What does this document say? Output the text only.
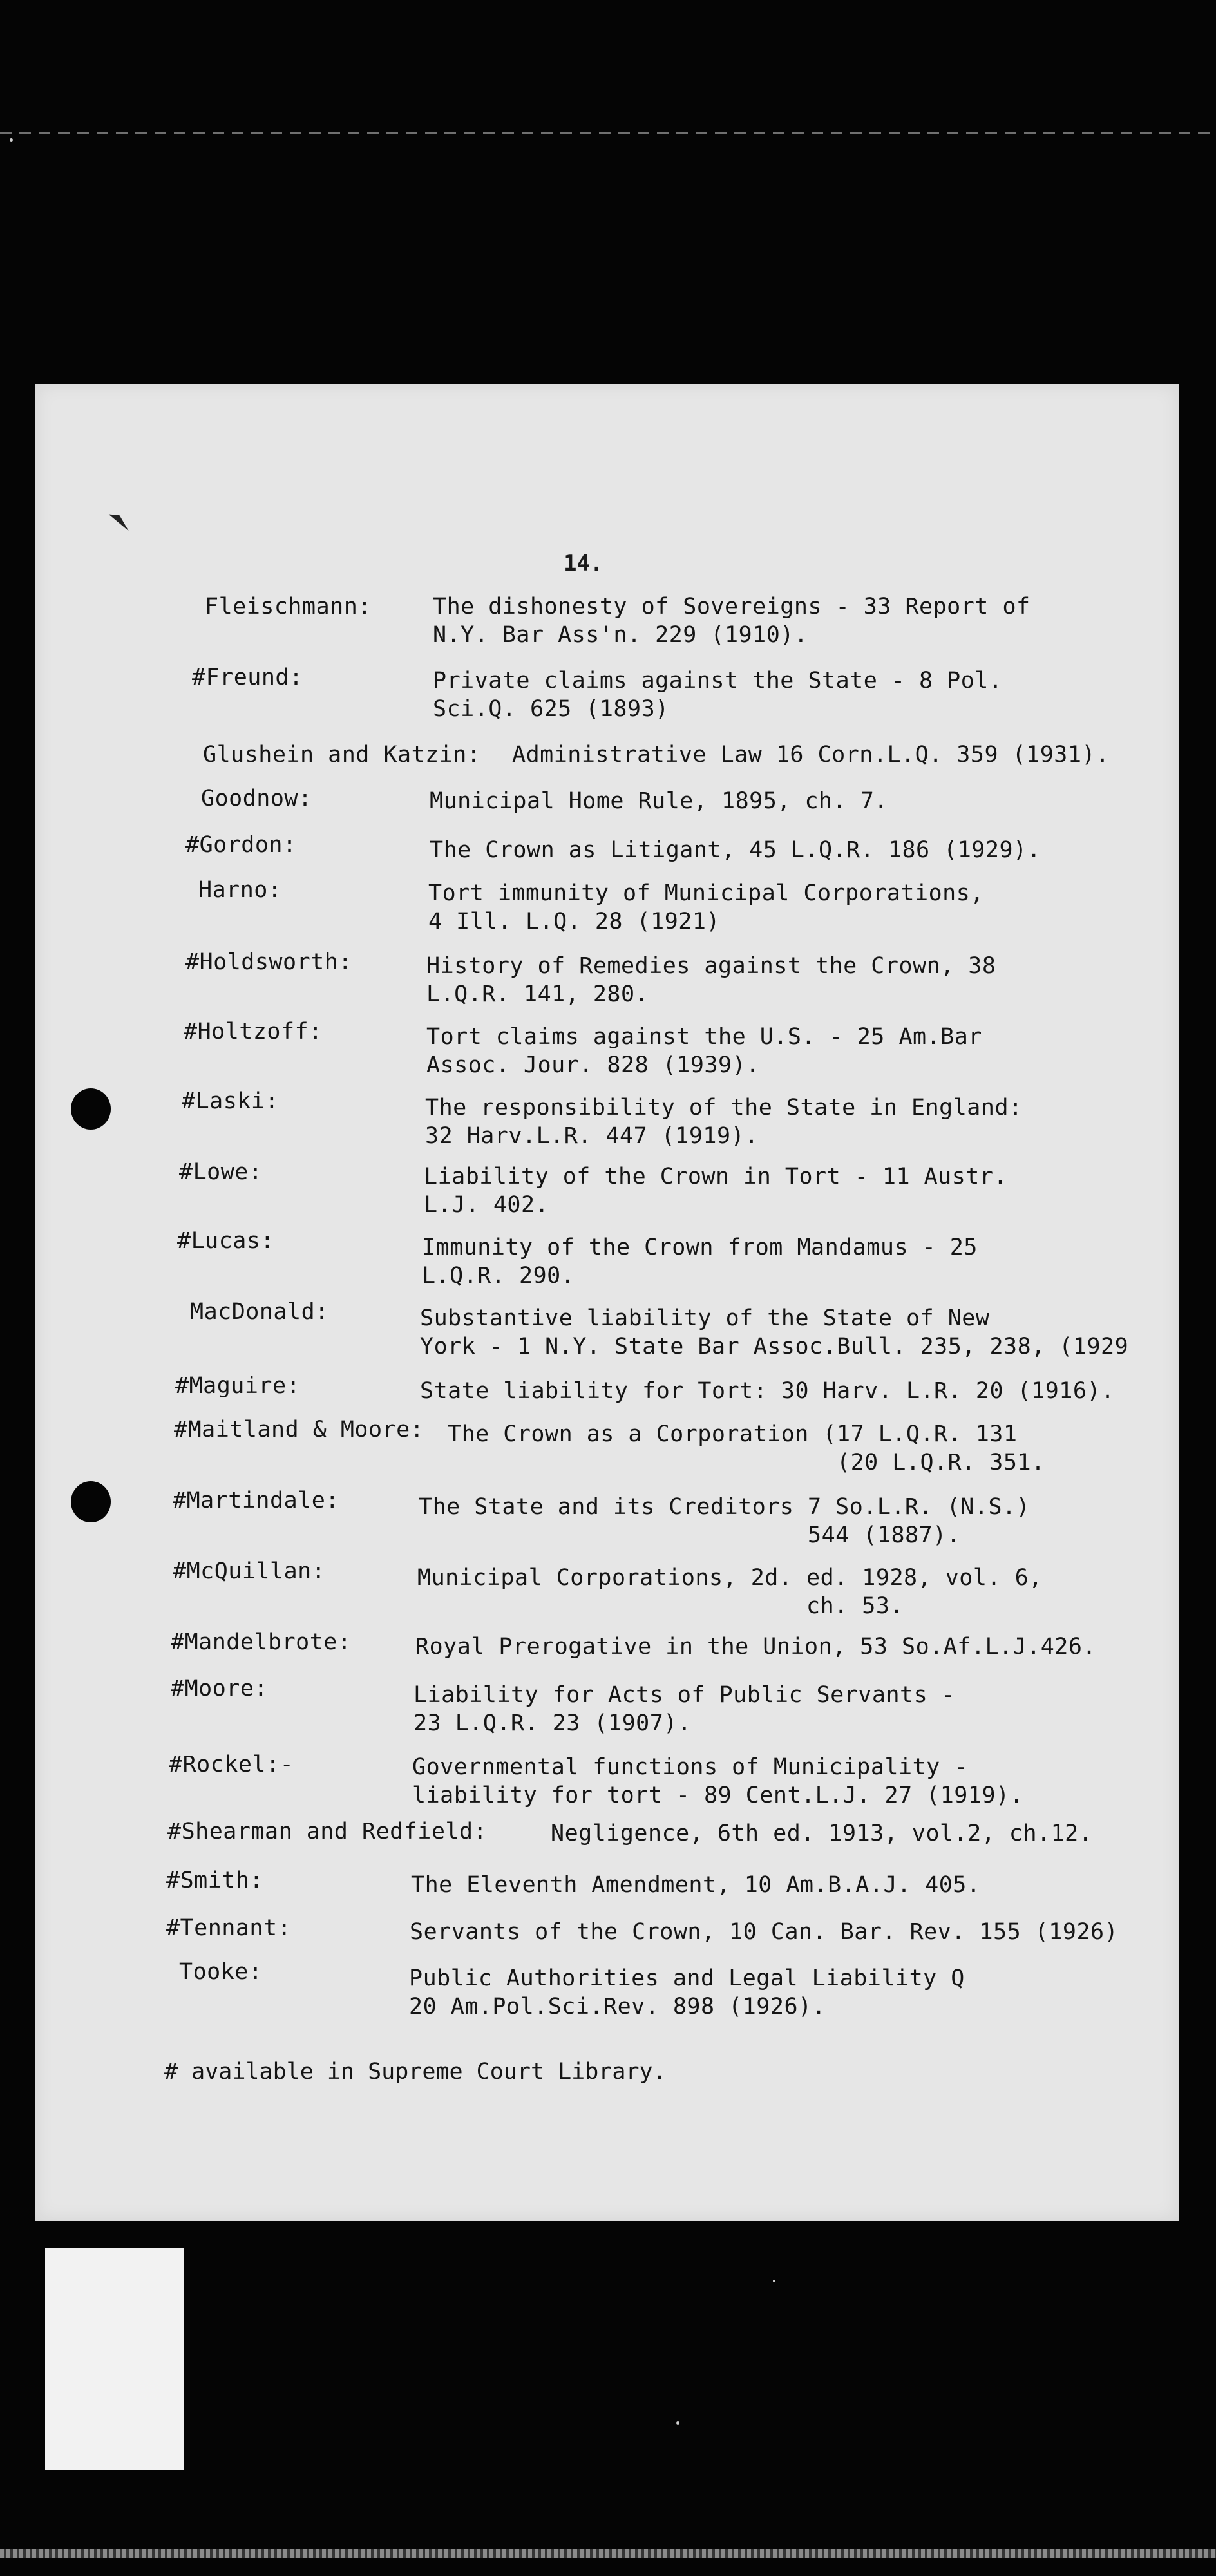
14.

Fleischmann:	The dishonesty of Sovereigns - 33 Report of
N.Y. Bar Ass'n. 229 (1910).

#Freund:	Private claims against the State - 8 Pol.
Sci.Q. 625 (1893)

Glushein and Katzin: Administrative Law 16 Corn.L.Q. 359 (1931).

Goodnow:	Municipal Home Rule, 1895, ch. 7.

#Gordon:	The Crown as Litigant, 45 L.Q.R. 186 (1929).

Harno:	Tort immunity of Municipal Corporations,
4 Ill. L.Q. 28 (1921)

#Holdsworth:	History of Remedies against the Crown, 38
L.Q.R. 141, 280.

#Holtzoff:	Tort claims against the U.S. - 25 Am.Bar
Assoc. Jour. 828 (1939).

#Laski:	The responsibility of the State in England:
32 Harv.L.R. 447 (1919).

#Lowe:	Liability of the Crown in Tort - 11 Austr.
L.J. 402.

#Lucas:	Immunity of the Crown from Mandamus - 25
L.Q.R. 290.

MacDonald:	Substantive liability of the State of New
York - 1 N.Y. State Bar Assoc.Bull. 235, 238, (1929

#Maguire:	State liability for Tort: 30 Harv. L.R. 20 (1916).

#Maitland & Moore: The Crown as a Corporation (17 L.Q.R. 131
(20 L.Q.R. 351.

#Martindale:	The State and its Creditors 7 So.L.R. (N.S.)
544 (1887).

#McQuillan:	Municipal Corporations, 2d. ed. 1928, vol. 6,
ch. 53.

#Mandelbrote:	Royal Prerogative in the Union, 53 So.Af.L.J.426.

#Moore:	Liability for Acts of Public Servants -
23 L.Q.R. 23 (1907).

#Rockel:-	Governmental functions of Municipality -
liability for tort - 89 Cent.L.J. 27 (1919).

#Shearman and Redfield:	Negligence, 6th ed. 1913, vol.2, ch.12.

#Smith:	The Eleventh Amendment, 10 Am.B.A.J. 405.

#Tennant:	Servants of the Crown, 10 Can. Bar. Rev. 155 (1926)

Tooke:	Public Authorities and Legal Liability Q
20 Am.Pol.Sci.Rev. 898 (1926).

# available in Supreme Court Library.
